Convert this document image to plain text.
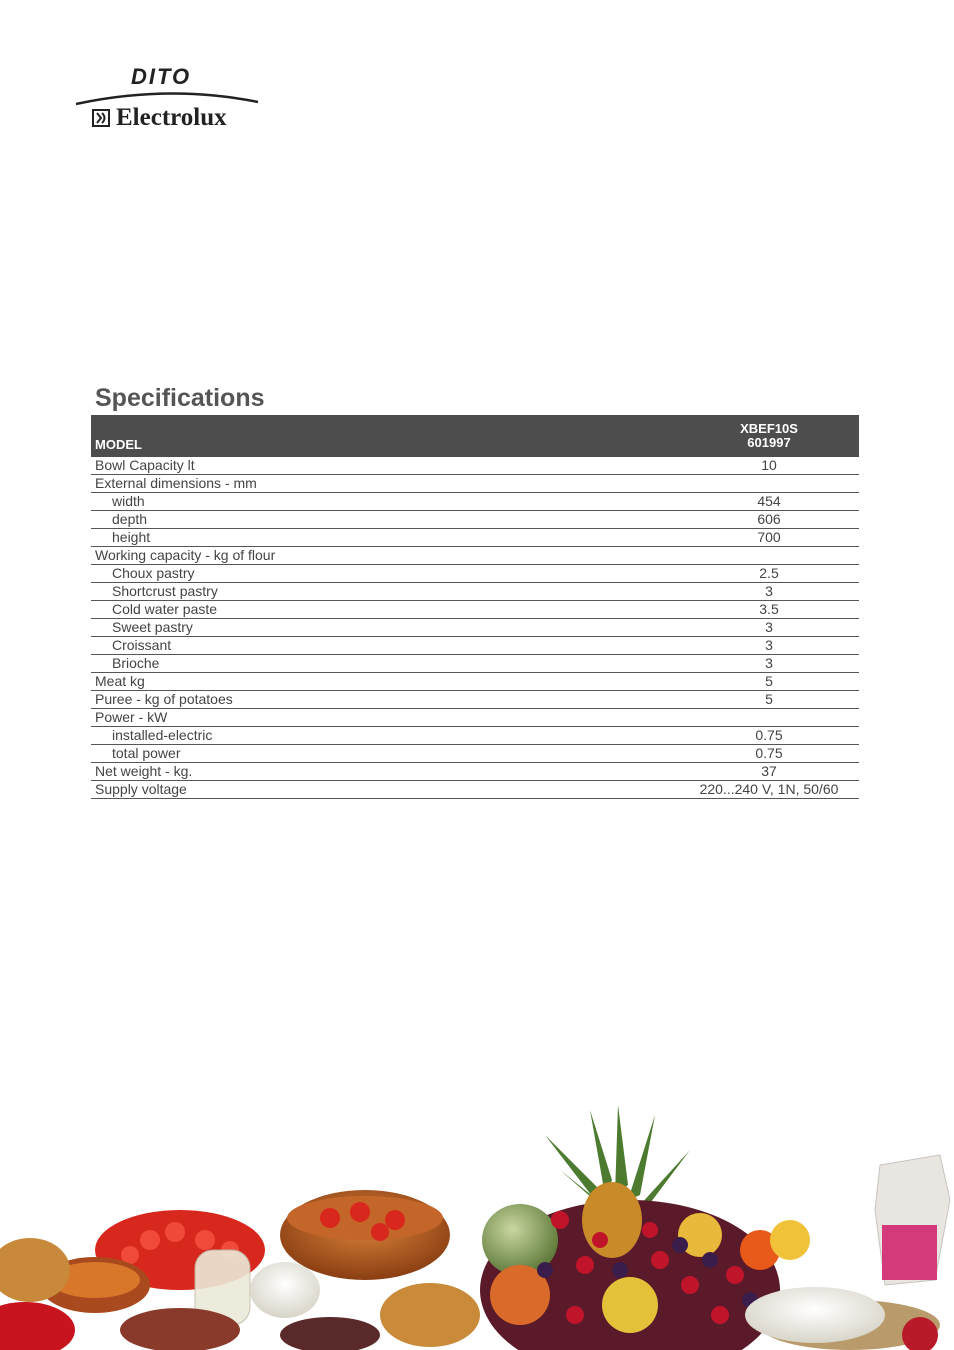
DITO
Electrolux
Specifications
MODEL	XBEF10S
601997

Bowl Capacity lt	10
External dimensions - mm	
width	454
depth	606
height	700
Working capacity - kg of flour	
Choux pastry	2.5
Shortcrust pastry	3
Cold water paste	3.5
Sweet pastry	3
Croissant	3
Brioche	3
Meat kg	5
Puree - kg of potatoes	5
Power - kW	
installed-electric	0.75
total power	0.75
Net weight - kg.	37
Supply voltage	220...240 V, 1N, 50/60
